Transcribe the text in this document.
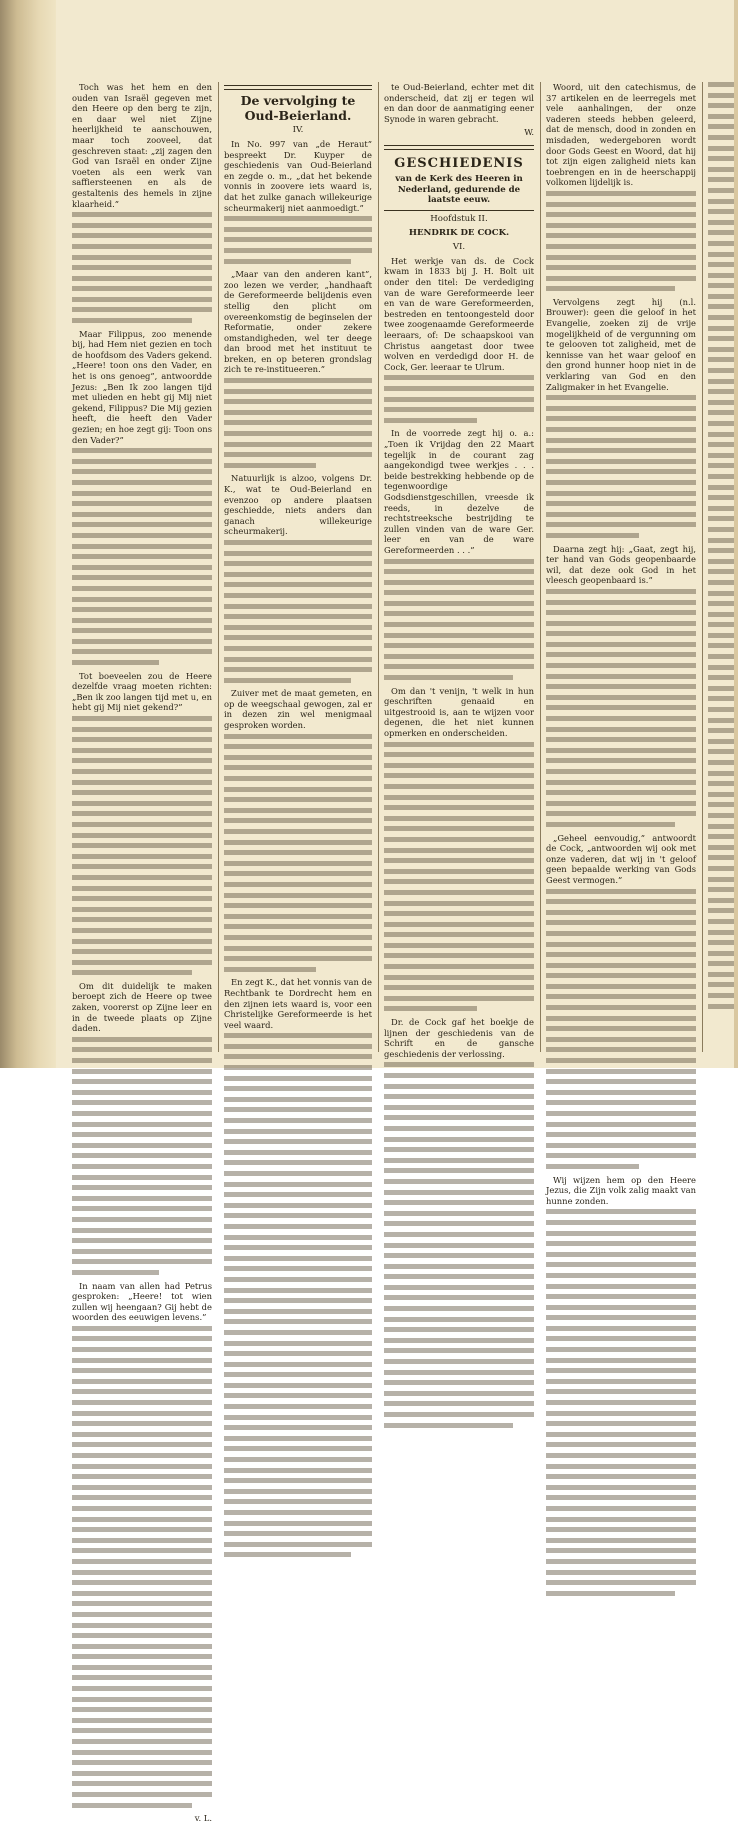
Toch was het hem en den ouden van Israël gegeven met den Heere op den berg te zijn, en daar wel niet Zijne heerlijkheid te aanschouwen, maar toch zooveel, dat geschreven staat: „zij zagen den God van Israël en onder Zijne voeten als een werk van saffiersteenen en als de gestaltenis des hemels in zijne klaarheid.”

Maar Filippus, zoo menende bij, had Hem niet gezien en toch de hoofdsom des Vaders gekend. „Heere! toon ons den Vader, en het is ons genoeg”, antwoordde Jezus: „Ben Ik zoo langen tijd met ulieden en hebt gij Mij niet gekend, Filippus? Die Mij gezien heeft, die heeft den Vader gezien; en hoe zegt gij: Toon ons den Vader?”

Tot boeveelen zou de Heere dezelfde vraag moeten richten: „Ben ik zoo langen tijd met u, en hebt gij Mij niet gekend?”

Om dit duidelijk te maken beroept zich de Heere op twee zaken, voorerst op Zijne leer en in de tweede plaats op Zijne daden.

In naam van allen had Petrus gesproken: „Heere! tot wien zullen wij heengaan? Gij hebt de woorden des eeuwigen levens.”

v. L.
De vervolging te Oud-Beierland.
IV.

In No. 997 van „de Heraut” bespreekt Dr. Kuyper de geschiedenis van Oud-Beierland en zegde o. m., „dat het bekende vonnis in zoovere iets waard is, dat het zulke ganach willekeurige scheurmakerij niet aanmoedigt.”

„Maar van den anderen kant”, zoo lezen we verder, „handhaaft de Gereformeerde belijdenis even stellig den plicht om overeenkomstig de beginselen der Reformatie, onder zekere omstandigheden, wel ter deege dan brood met het instituut te breken, en op beteren grondslag zich te re-institueeren.”

Natuurlijk is alzoo, volgens Dr. K., wat te Oud-Beierland en evenzoo op andere plaatsen geschiedde, niets anders dan ganach willekeurige scheurmakerij.

Zuiver met de maat gemeten, en op de weegschaal gewogen, zal er in dezen zin wel menigmaal gesproken worden.

En zegt K., dat het vonnis van de Rechtbank te Dordrecht hem en den zijnen iets waard is, voor een Christelijke Gereformeerde is het veel waard.

te Oud-Beierland, echter met dit onderscheid, dat zij er tegen wil en dan door de aanmatiging eener Synode in waren gebracht.

W.
GESCHIEDENIS
van de Kerk des Heeren in Nederland, gedurende de laatste eeuw.
Hoofdstuk II.
HENDRIK DE COCK.
VI.

Het werkje van ds. de Cock kwam in 1833 bij J. H. Bolt uit onder den titel: De verdediging van de ware Gereformeerde leer en van de ware Gereformeerden, bestreden en tentoongesteld door twee zoogenaamde Gereformeerde leeraars, of: De schaapskooi van Christus aangetast door twee wolven en verdedigd door H. de Cock, Ger. leeraar te Ulrum.

In de voorrede zegt hij o. a.: „Toen ik Vrijdag den 22 Maart tegelijk in de courant zag aangekondigd twee werkjes . . . beide bestrekking hebbende op de tegenwoordige Godsdienstgeschillen, vreesde ik reeds, in dezelve de rechtstreeksche bestrijding te zullen vinden van de ware Ger. leer en van de ware Gereformeerden . . .”

Om dan 't venijn, 't welk in hun geschriften genaaid en uitgestrooid is, aan te wijzen voor degenen, die het niet kunnen opmerken en onderscheiden.

Dr. de Cock gaf het boekje de lijnen der geschiedenis van de Schrift en de gansche geschiedenis der verlossing.

Woord, uit den catechismus, de 37 artikelen en de leerregels met vele aanhalingen, der onze vaderen steeds hebben geleerd, dat de mensch, dood in zonden en misdaden, wedergeboren wordt door Gods Geest en Woord, dat hij tot zijn eigen zaligheid niets kan toebrengen en in de heerschappij volkomen lijdelijk is.

Vervolgens zegt hij (n.l. Brouwer): geen die geloof in het Evangelie, zoeken zij de vrije mogelijkheid of de vergunning om te gelooven tot zaligheid, met de kennisse van het waar geloof en den grond hunner hoop niet in de verklaring van God en den Zaligmaker in het Evangelie.

Daarna zegt hij: „Gaat, zegt hij, ter hand van Gods geopenbaarde wil, dat deze ook God in het vleesch geopenbaard is.”

„Geheel eenvoudig,” antwoordt de Cock, „antwoorden wij ook met onze vaderen, dat wij in 't geloof geen bepaalde werking van Gods Geest vermogen.”

Wij wijzen hem op den Heere Jezus, die Zijn volk zalig maakt van hunne zonden.
